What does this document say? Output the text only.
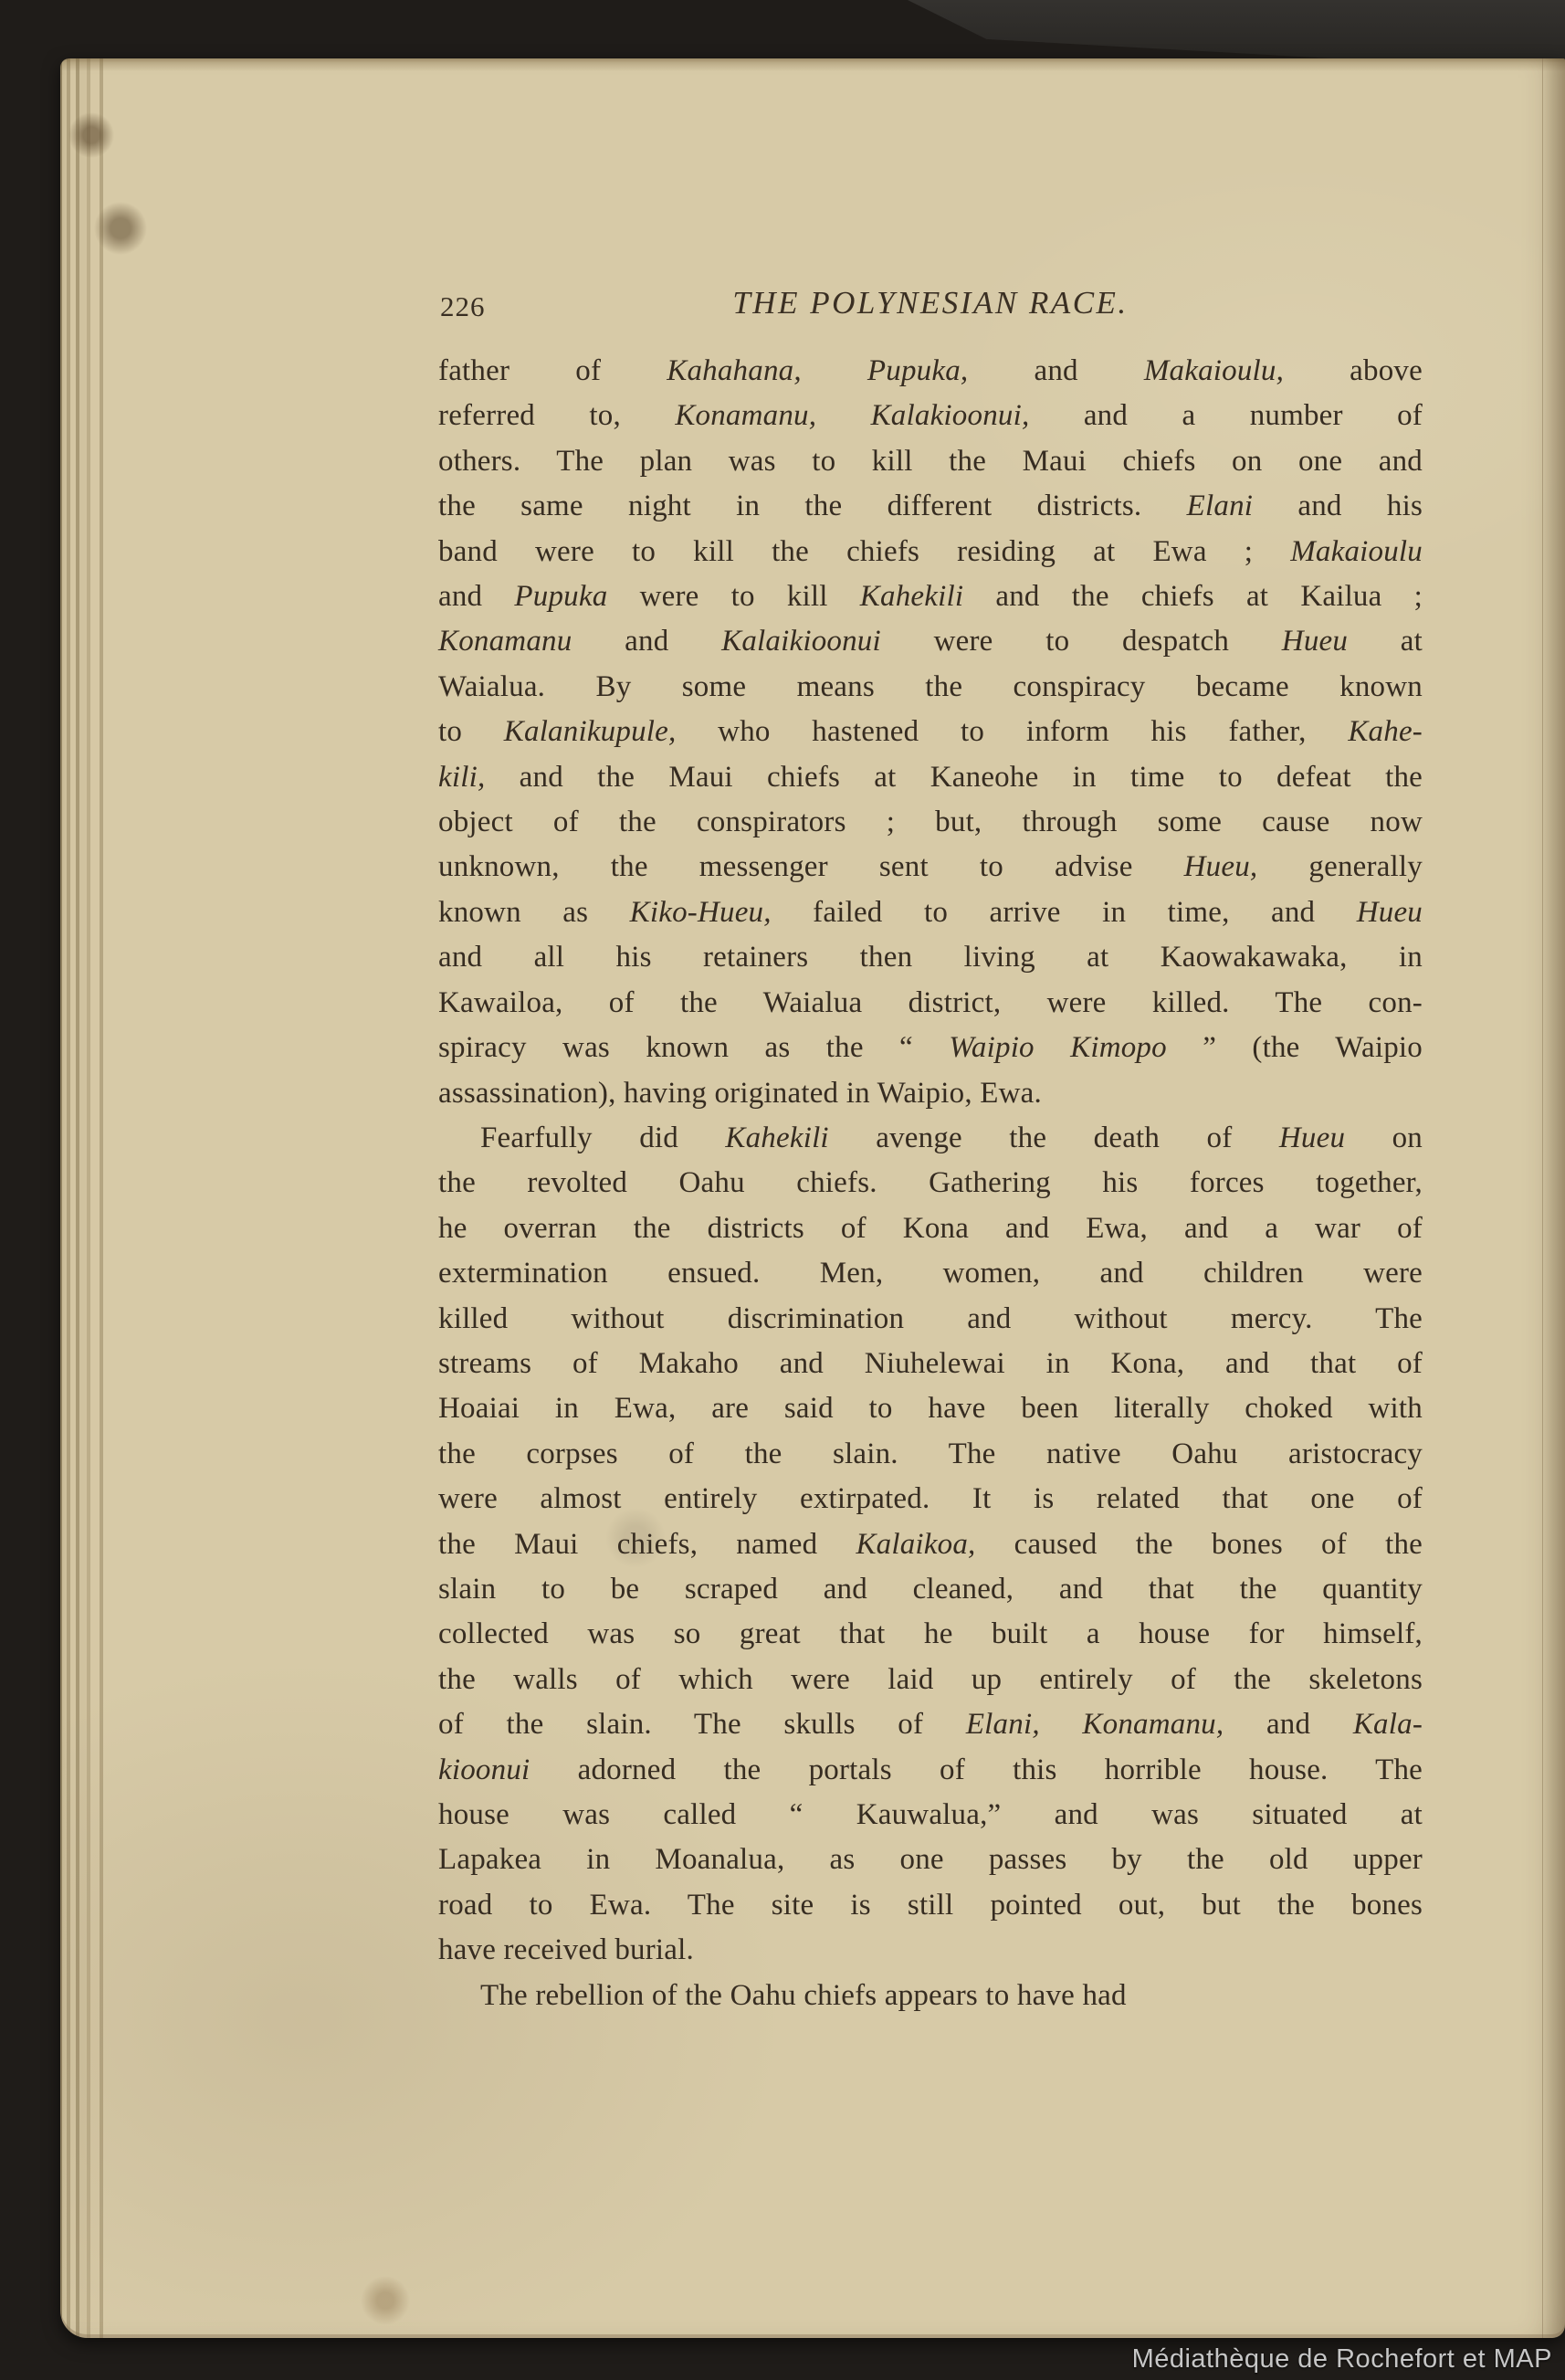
226	THE POLYNESIAN RACE.
father of Kahahana, Pupuka, and Makaioulu, above
referred to, Konamanu, Kalakioonui, and a number of
others. The plan was to kill the Maui chiefs on one and
the same night in the different districts. Elani and his
band were to kill the chiefs residing at Ewa ; Makaioulu
and Pupuka were to kill Kahekili and the chiefs at Kailua ;
Konamanu and Kalaikioonui were to despatch Hueu at
Waialua. By some means the conspiracy became known
to Kalanikupule, who hastened to inform his father, Kahe-
kili, and the Maui chiefs at Kaneohe in time to defeat the
object of the conspirators ; but, through some cause now
unknown, the messenger sent to advise Hueu, generally
known as Kiko-Hueu, failed to arrive in time, and Hueu
and all his retainers then living at Kaowakawaka, in
Kawailoa, of the Waialua district, were killed. The con-
spiracy was known as the “ Waipio Kimopo ” (the Waipio
assassination), having originated in Waipio, Ewa.
Fearfully did Kahekili avenge the death of Hueu on
the revolted Oahu chiefs. Gathering his forces together,
he overran the districts of Kona and Ewa, and a war of
extermination ensued. Men, women, and children were
killed without discrimination and without mercy. The
streams of Makaho and Niuhelewai in Kona, and that of
Hoaiai in Ewa, are said to have been literally choked with
the corpses of the slain. The native Oahu aristocracy
were almost entirely extirpated. It is related that one of
the Maui chiefs, named Kalaikoa, caused the bones of the
slain to be scraped and cleaned, and that the quantity
collected was so great that he built a house for himself,
the walls of which were laid up entirely of the skeletons
of the slain. The skulls of Elani, Konamanu, and Kala-
kioonui adorned the portals of this horrible house. The
house was called “ Kauwalua,” and was situated at
Lapakea in Moanalua, as one passes by the old upper
road to Ewa. The site is still pointed out, but the bones
have received burial.
The rebellion of the Oahu chiefs appears to have had
Médiathèque de Rochefort et MAP
